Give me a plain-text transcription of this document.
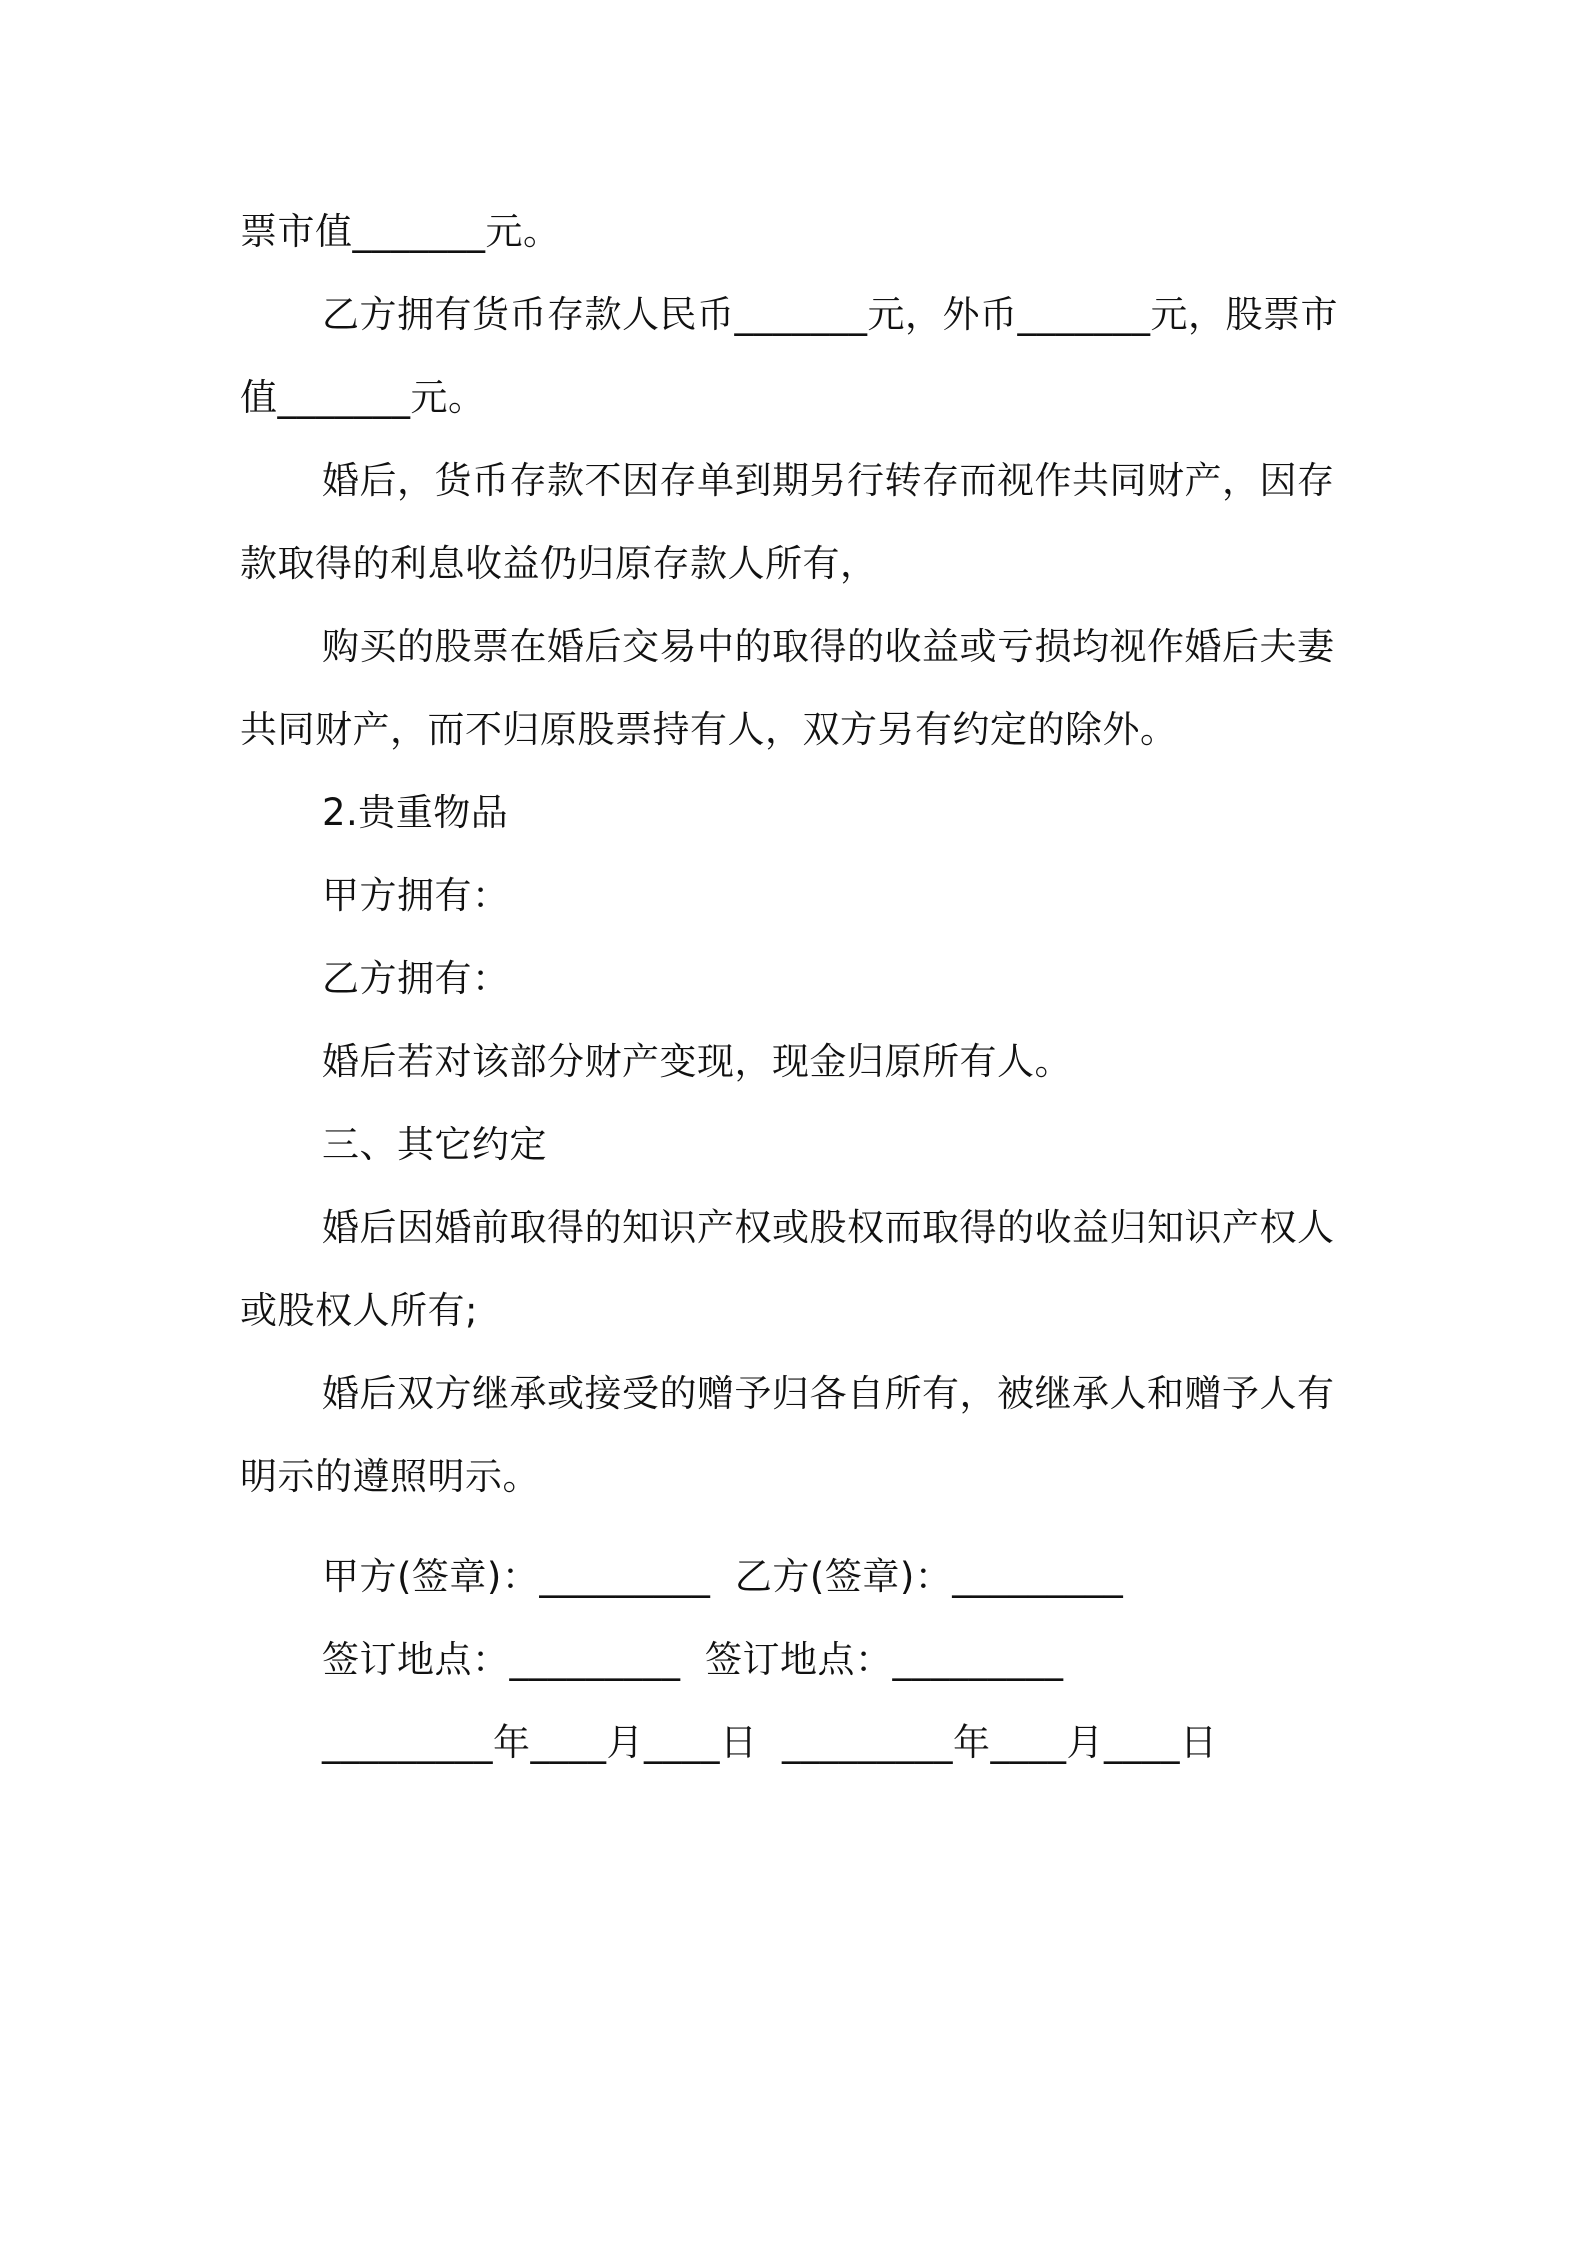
票市值_______元。

乙方拥有货币存款人民币_______元，外币_______元，股票市值_______元。

婚后，货币存款不因存单到期另行转存而视作共同财产，因存款取得的利息收益仍归原存款人所有，

购买的股票在婚后交易中的取得的收益或亏损均视作婚后夫妻共同财产，而不归原股票持有人，双方另有约定的除外。

2.贵重物品

甲方拥有：

乙方拥有：

婚后若对该部分财产变现，现金归原所有人。

三、其它约定

婚后因婚前取得的知识产权或股权而取得的收益归知识产权人或股权人所有;

婚后双方继承或接受的赠予归各自所有，被继承人和赠予人有明示的遵照明示。

甲方(签章)：_________  乙方(签章)：_________

签订地点：_________  签订地点：_________

_________年____月____日  _________年____月____日
